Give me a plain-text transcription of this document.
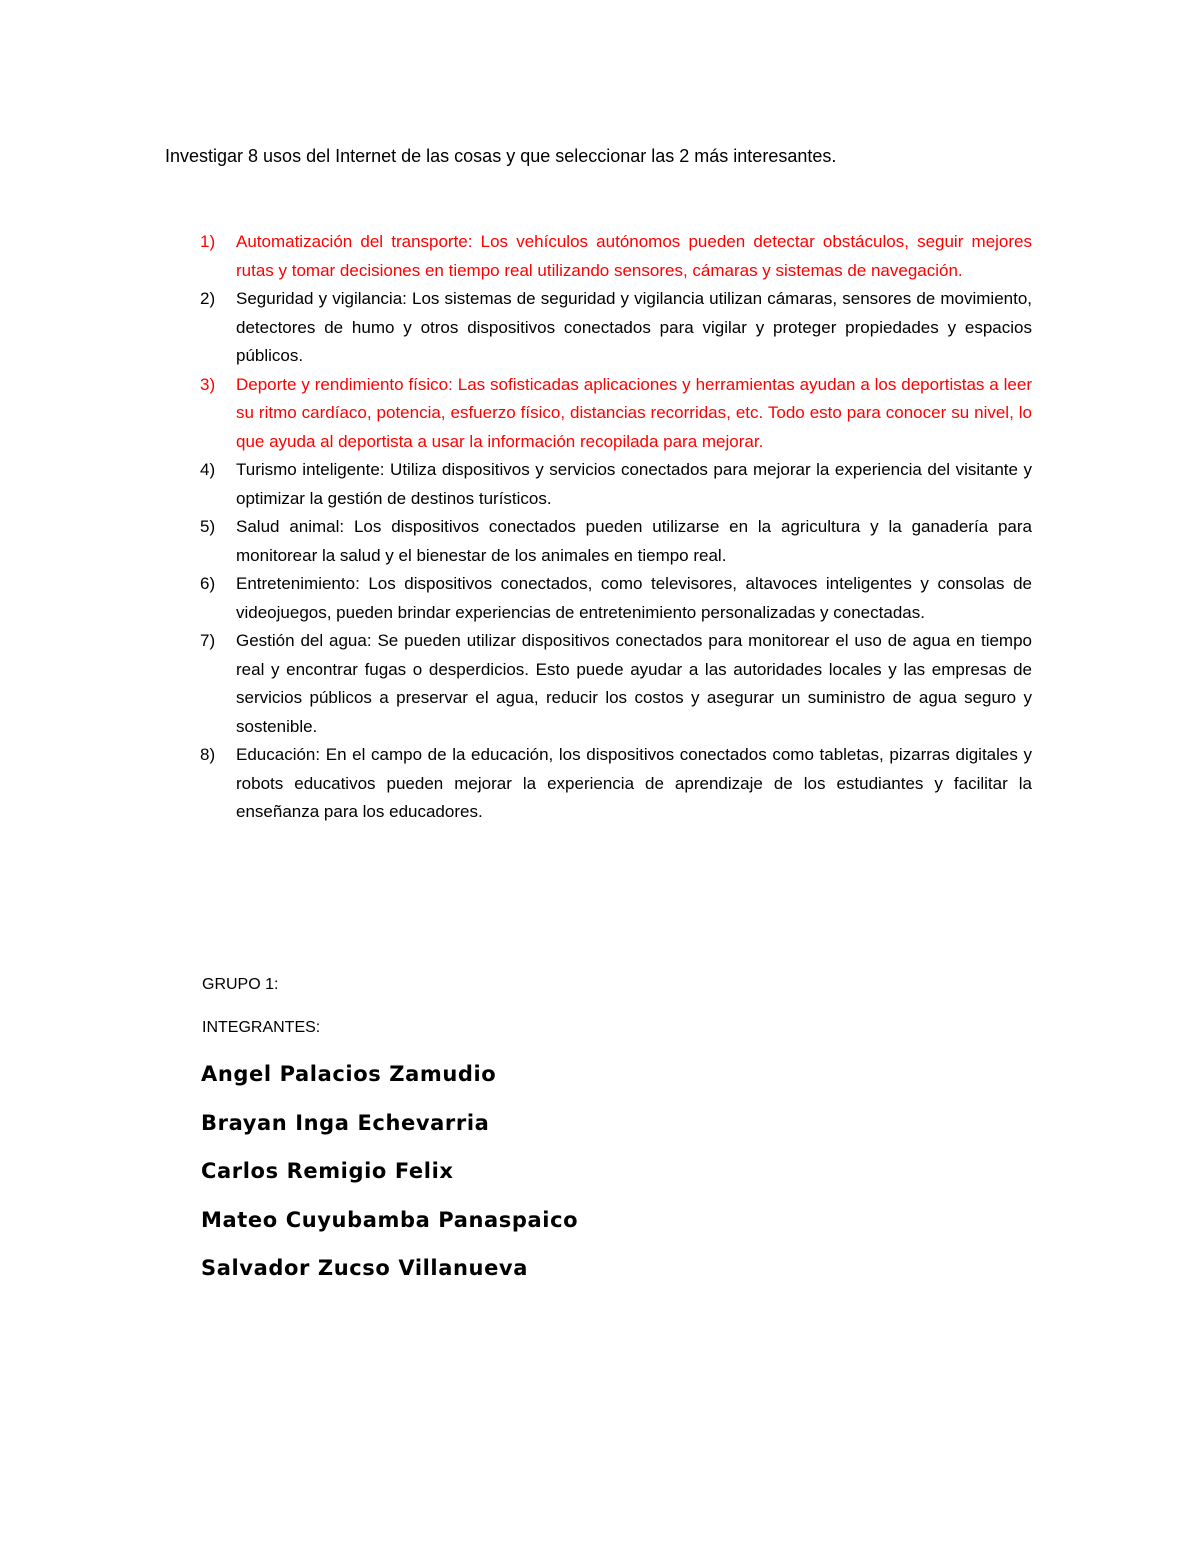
Investigar 8 usos del Internet de las cosas y que seleccionar las 2 más interesantes.
1)	Automatización del transporte: Los vehículos autónomos pueden detectar obstáculos, seguir mejores rutas y tomar decisiones en tiempo real utilizando sensores, cámaras y sistemas de navegación.
2)	Seguridad y vigilancia: Los sistemas de seguridad y vigilancia utilizan cámaras, sensores de movimiento, detectores de humo y otros dispositivos conectados para vigilar y proteger propiedades y espacios públicos.
3)	Deporte y rendimiento físico: Las sofisticadas aplicaciones y herramientas ayudan a los deportistas a leer su ritmo cardíaco, potencia, esfuerzo físico, distancias recorridas, etc. Todo esto para conocer su nivel, lo que ayuda al deportista a usar la información recopilada para mejorar.
4)	Turismo inteligente: Utiliza dispositivos y servicios conectados para mejorar la experiencia del visitante y optimizar la gestión de destinos turísticos.
5)	Salud animal: Los dispositivos conectados pueden utilizarse en la agricultura y la ganadería para monitorear la salud y el bienestar de los animales en tiempo real.
6)	Entretenimiento: Los dispositivos conectados, como televisores, altavoces inteligentes y consolas de videojuegos, pueden brindar experiencias de entretenimiento personalizadas y conectadas.
7)	Gestión del agua: Se pueden utilizar dispositivos conectados para monitorear el uso de agua en tiempo real y encontrar fugas o desperdicios. Esto puede ayudar a las autoridades locales y las empresas de servicios públicos a preservar el agua, reducir los costos y asegurar un suministro de agua seguro y sostenible.
8)	Educación: En el campo de la educación, los dispositivos conectados como tabletas, pizarras digitales y robots educativos pueden mejorar la experiencia de aprendizaje de los estudiantes y facilitar la enseñanza para los educadores.
GRUPO 1:
INTEGRANTES:
Angel Palacios Zamudio
Brayan Inga Echevarria
Carlos Remigio Felix
Mateo Cuyubamba Panaspaico
Salvador Zucso Villanueva
